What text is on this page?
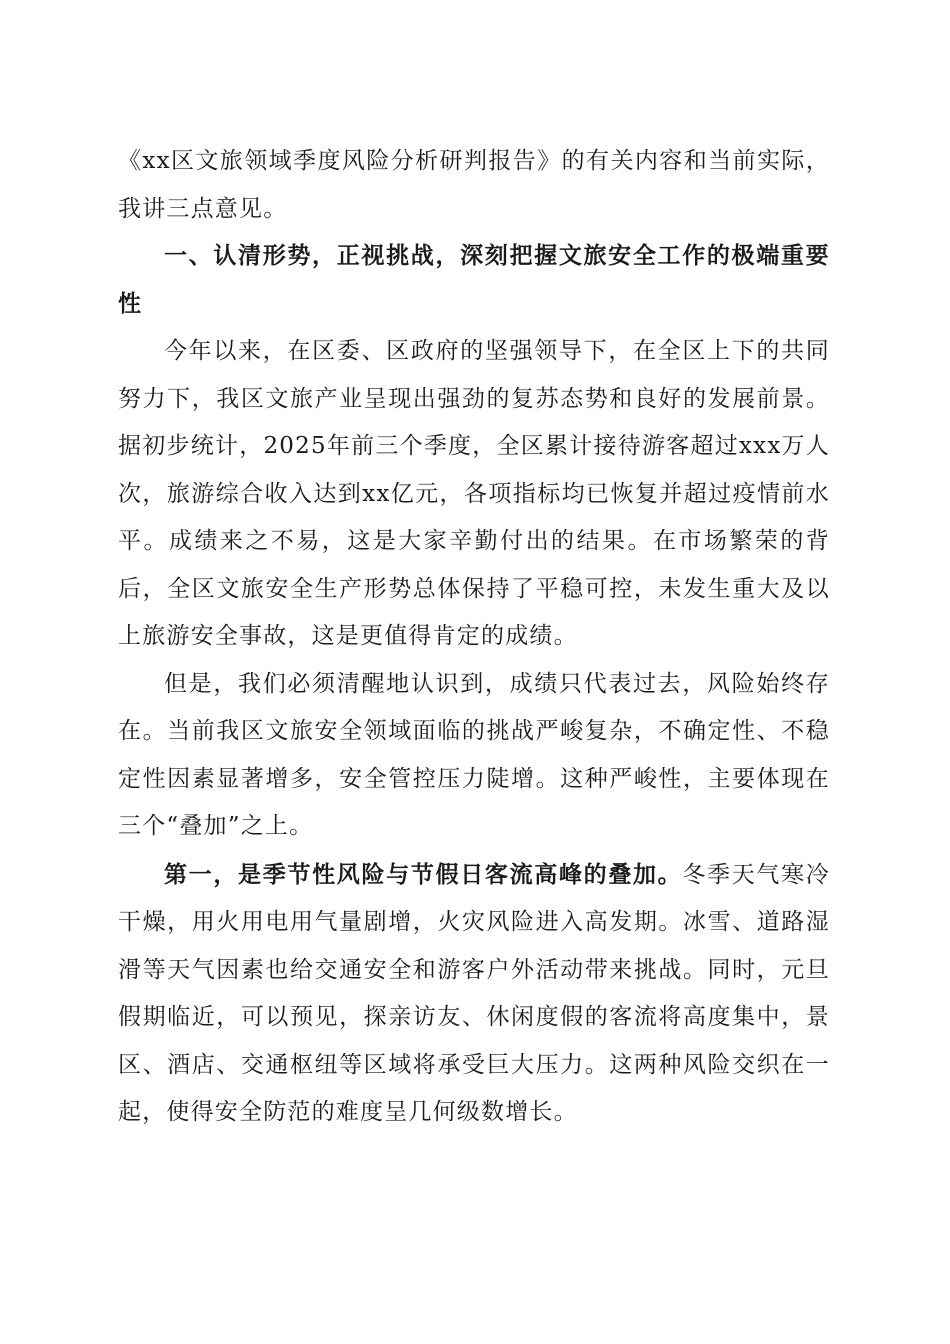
《xx区文旅领域季度风险分析研判报告》的有关内容和当前实际，我讲三点意见。

一、认清形势，正视挑战，深刻把握文旅安全工作的极端重要性

今年以来，在区委、区政府的坚强领导下，在全区上下的共同努力下，我区文旅产业呈现出强劲的复苏态势和良好的发展前景。据初步统计，2025年前三个季度，全区累计接待游客超过xxx万人次，旅游综合收入达到xx亿元，各项指标均已恢复并超过疫情前水平。成绩来之不易，这是大家辛勤付出的结果。在市场繁荣的背后，全区文旅安全生产形势总体保持了平稳可控，未发生重大及以上旅游安全事故，这是更值得肯定的成绩。

但是，我们必须清醒地认识到，成绩只代表过去，风险始终存在。当前我区文旅安全领域面临的挑战严峻复杂，不确定性、不稳定性因素显著增多，安全管控压力陡增。这种严峻性，主要体现在三个“叠加”之上。

第一，是季节性风险与节假日客流高峰的叠加。冬季天气寒冷干燥，用火用电用气量剧增，火灾风险进入高发期。冰雪、道路湿滑等天气因素也给交通安全和游客户外活动带来挑战。同时，元旦假期临近，可以预见，探亲访友、休闲度假的客流将高度集中，景区、酒店、交通枢纽等区域将承受巨大压力。这两种风险交织在一起，使得安全防范的难度呈几何级数增长。
